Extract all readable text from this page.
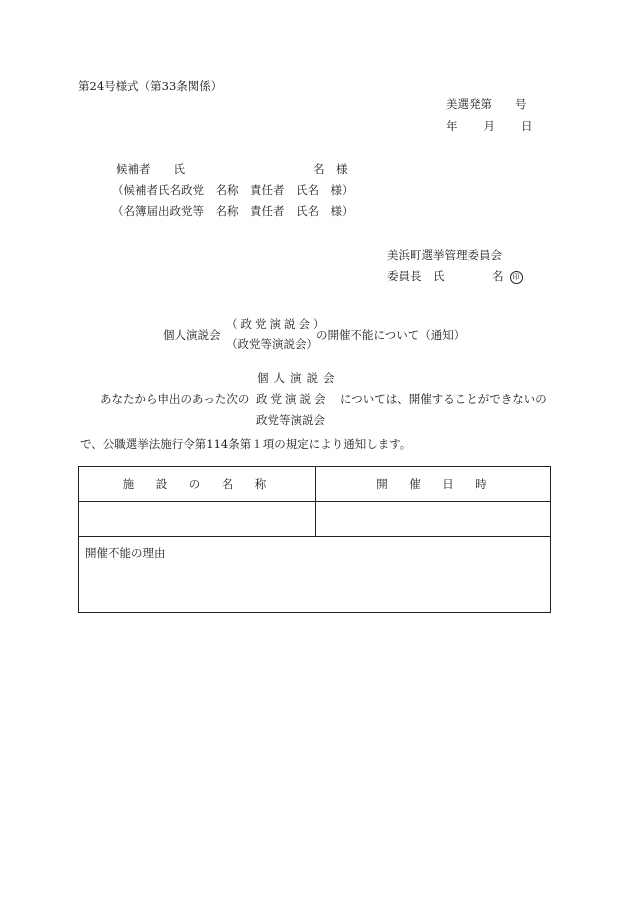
第24号様式（第33条関係）
美選発第　　号
年　　月　　日
候補者　　氏	名　様
（候補者氏名政党　名称　責任者　氏名　様）
（名簿届出政党等　名称　責任者　氏名　様）
美浜町選挙管理委員会
委員長　氏	名 印
個人演説会
（政党演説会）
（政党等演説会）
の開催不能について（通知）
個人演説会
あなたから申出のあった次の 政党演説会 については、開催することができないの
政党等演説会
で、公職選挙法施行令第114条第１項の規定により通知します。
施　設　の　名　称	開　催　日　時
開催不能の理由
